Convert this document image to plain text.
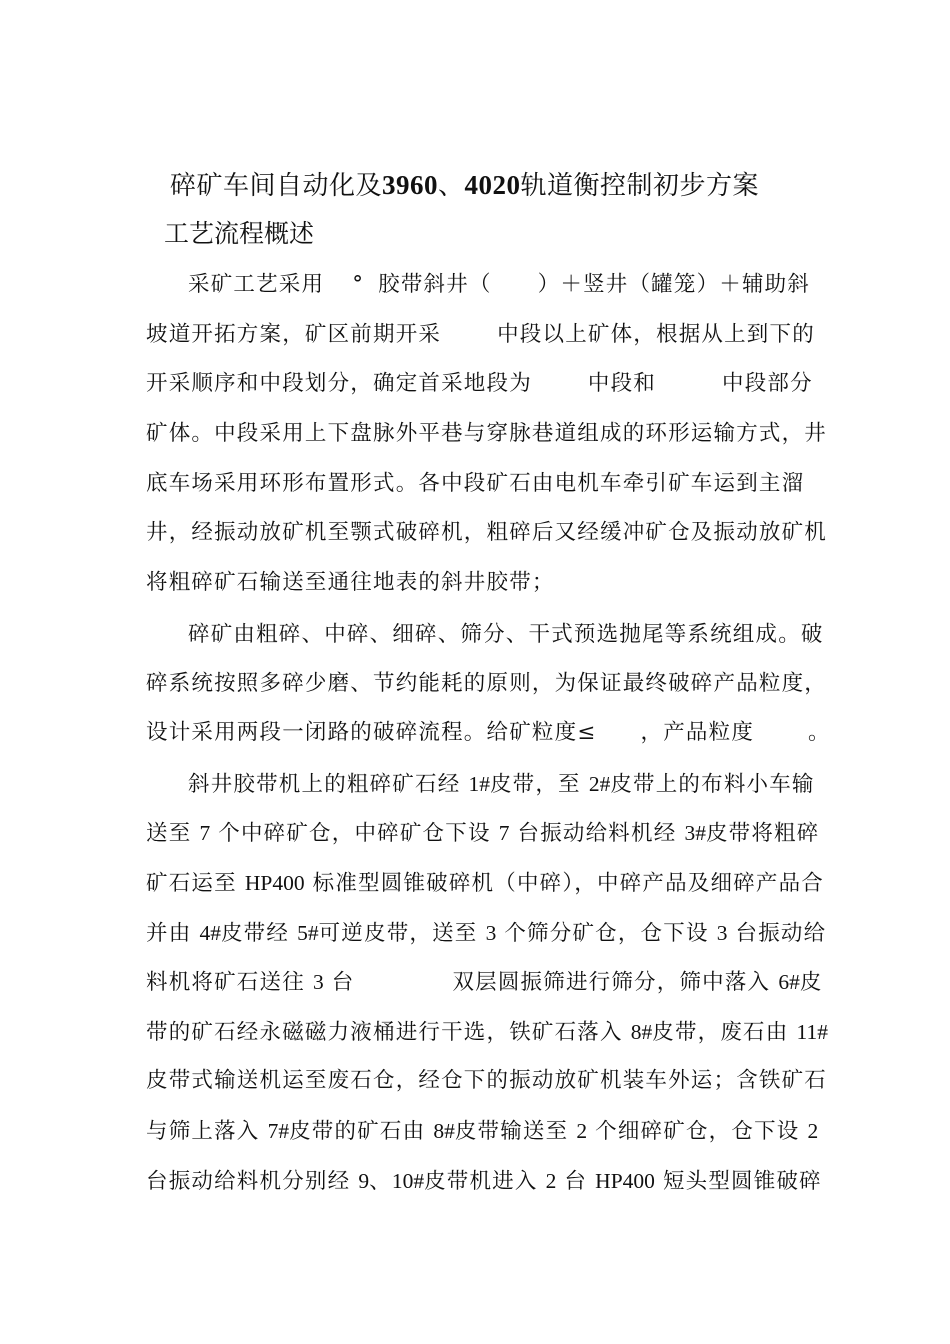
碎矿车间自动化及3960、4020轨道衡控制初步方案
工艺流程概述
采矿工艺采用 ° 胶带斜井（ ）＋竖井（罐笼）＋辅助斜
坡道开拓方案，矿区前期开采	中段以上矿体，根据从上到下的
开采顺序和中段划分，确定首采地段为	中段和	中段部分
矿体。中段采用上下盘脉外平巷与穿脉巷道组成的环形运输方式，井
底车场采用环形布置形式。各中段矿石由电机车牵引矿车运到主溜
井，经振动放矿机至颚式破碎机，粗碎后又经缓冲矿仓及振动放矿机
将粗碎矿石输送至通往地表的斜井胶带；
碎矿由粗碎、中碎、细碎、筛分、干式预选抛尾等系统组成。破
碎系统按照多碎少磨、节约能耗的原则，为保证最终破碎产品粒度，
设计采用两段一闭路的破碎流程。给矿粒度≤ ，产品粒度	。
斜井胶带机上的粗碎矿石经 1#皮带，至 2#皮带上的布料小车输
送至 7 个中碎矿仓，中碎矿仓下设 7 台振动给料机经 3#皮带将粗碎
矿石运至 HP400 标准型圆锥破碎机（中碎），中碎产品及细碎产品合
并由 4#皮带经 5#可逆皮带，送至 3 个筛分矿仓，仓下设 3 台振动给
料机将矿石送往 3 台	双层圆振筛进行筛分，筛中落入 6#皮
带的矿石经永磁磁力液桶进行干选，铁矿石落入 8#皮带，废石由 11#
皮带式输送机运至废石仓，经仓下的振动放矿机装车外运；含铁矿石
与筛上落入 7#皮带的矿石由 8#皮带输送至 2 个细碎矿仓，仓下设 2
台振动给料机分别经 9、10#皮带机进入 2 台 HP400 短头型圆锥破碎
